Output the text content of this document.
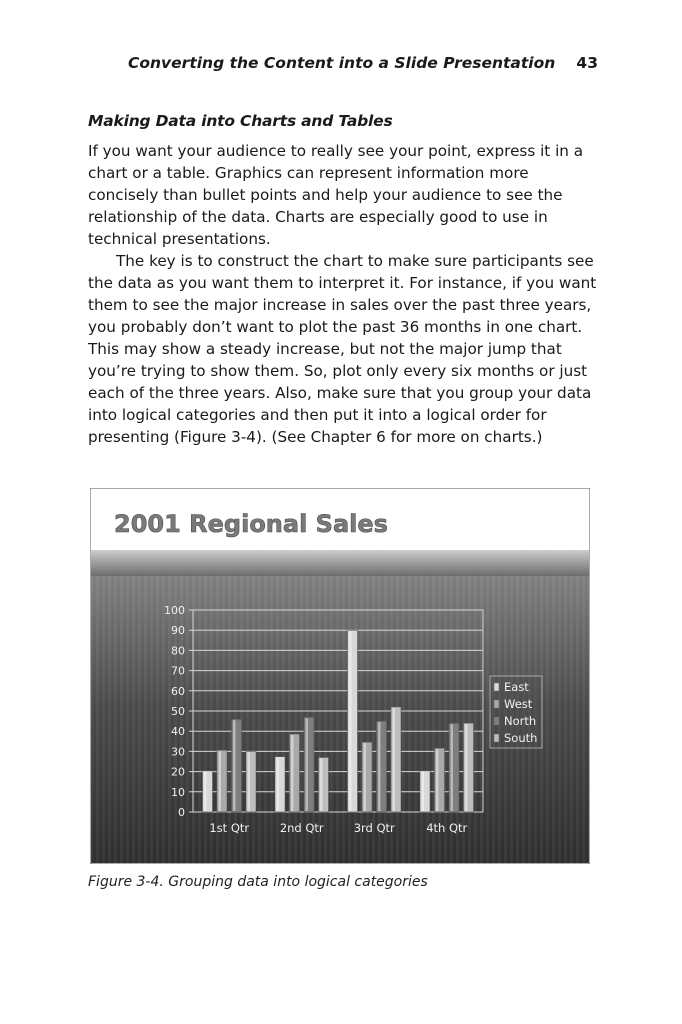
Converting the Content into a Slide Presentation 43
Making Data into Charts and Tables

If you want your audience to really see your point, express it in a chart or a table. Graphics can represent information more concisely than bullet points and help your audience to see the relationship of the data. Charts are especially good to use in technical presentations.

The key is to construct the chart to make sure participants see the data as you want them to interpret it. For instance, if you want them to see the major increase in sales over the past three years, you probably don’t want to plot the past 36 months in one chart. This may show a steady increase, but not the major jump that you’re trying to show them. So, plot only every six months or just each of the three years. Also, make sure that you group your data into logical categories and then put it into a logical order for presenting (Figure 3-4). (See Chapter 6 for more on charts.)

2001 Regional Sales
0
10
20
30
40
50
60
70
80
90
100
1st Qtr	2nd Qtr	3rd Qtr	4th Qtr
East
West
North
South
Figure 3-4. Grouping data into logical categories
